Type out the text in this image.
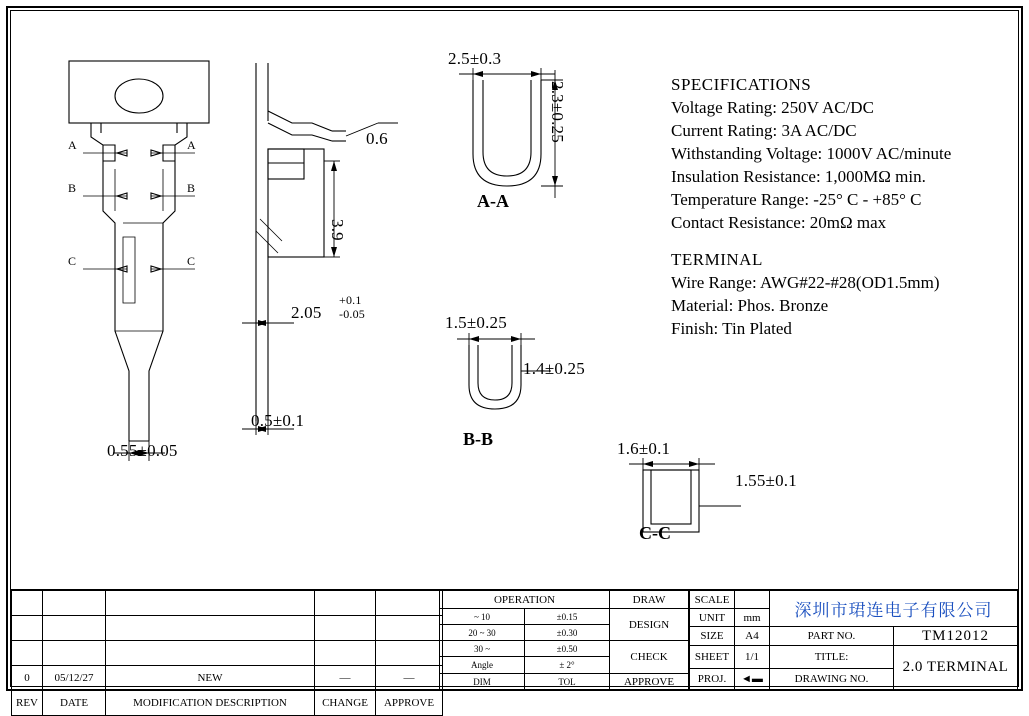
A	A
B	B
C	C
0.55±0.05
0.6
3.9
2.05
+0.1
-0.05
0.5±0.1
2.5±0.3
2.3±0.25
A-A
1.5±0.25
1.4±0.25
B-B	1.6±0.1
1.55±0.1
C-C
SPECIFICATIONS
Voltage Rating: 250V AC/DC
Current Rating: 3A AC/DC
Withstanding Voltage: 1000V AC/minute
Insulation Resistance: 1,000MΩ min.
Temperature Range: -25° C - +85° C
Contact Resistance: 20mΩ max
TERMINAL
Wire Range: AWG#22-#28(OD1.5mm)
Material: Phos. Bronze
Finish: Tin Plated

0	05/12/27	NEW	—	—
REV	DATE	MODIFICATION DESCRIPTION	CHANGE	APPROVE
OPERATION		DRAW
~ 10	±0.15	DESIGN
20 ~ 30	±0.30	
30 ~	±0.50	CHECK
Angle	± 2°	
DIM	TOL	APPROVE
SCALE		深圳市珺连电子有限公司	
UNIT	mm		
SIZE	A4	PART NO.	TM12012
SHEET	1/1	TITLE:	2.0 TERMINAL
PROJ.	◄▬	DRAWING NO.	
